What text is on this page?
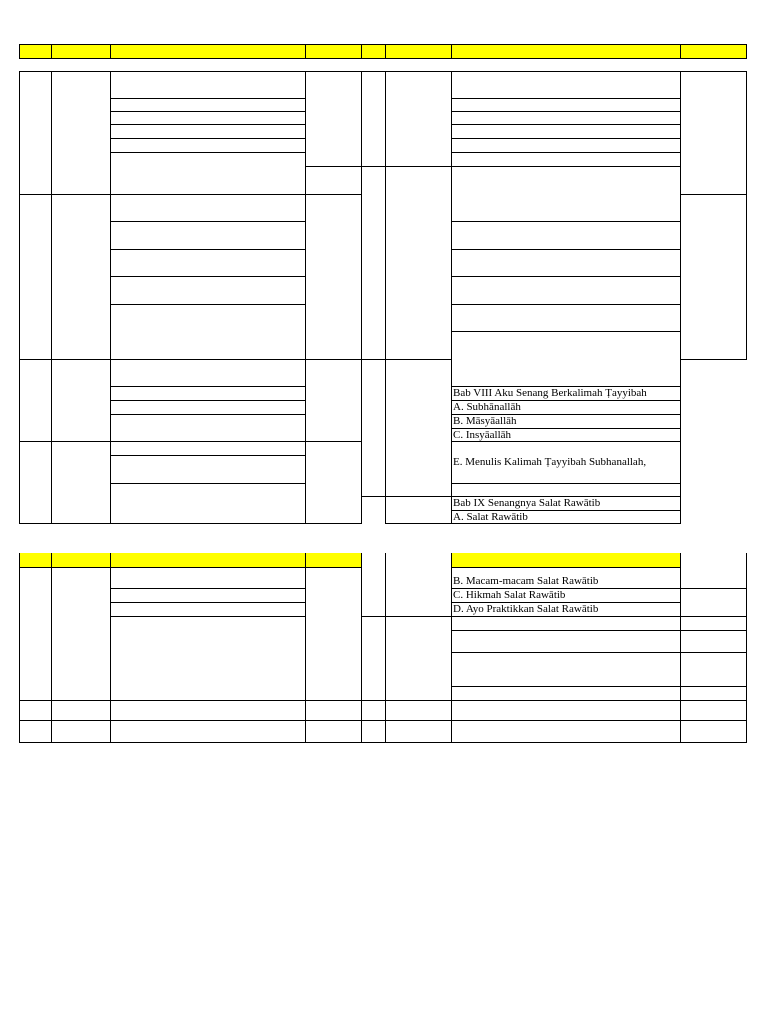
Bab VIII Aku Senang Berkalimah Ṭayyibah
A. Subhānallāh
B. Māsyāallāh
C. Insyāallāh
E. Menulis Kalimah Ṭayyibah Subhanallah,
Bab IX Senangnya Salat Rawātib
A. Salat Rawātib
B. Macam-macam Salat Rawātib
C. Hikmah Salat Rawātib
D. Ayo Praktikkan Salat Rawātib
